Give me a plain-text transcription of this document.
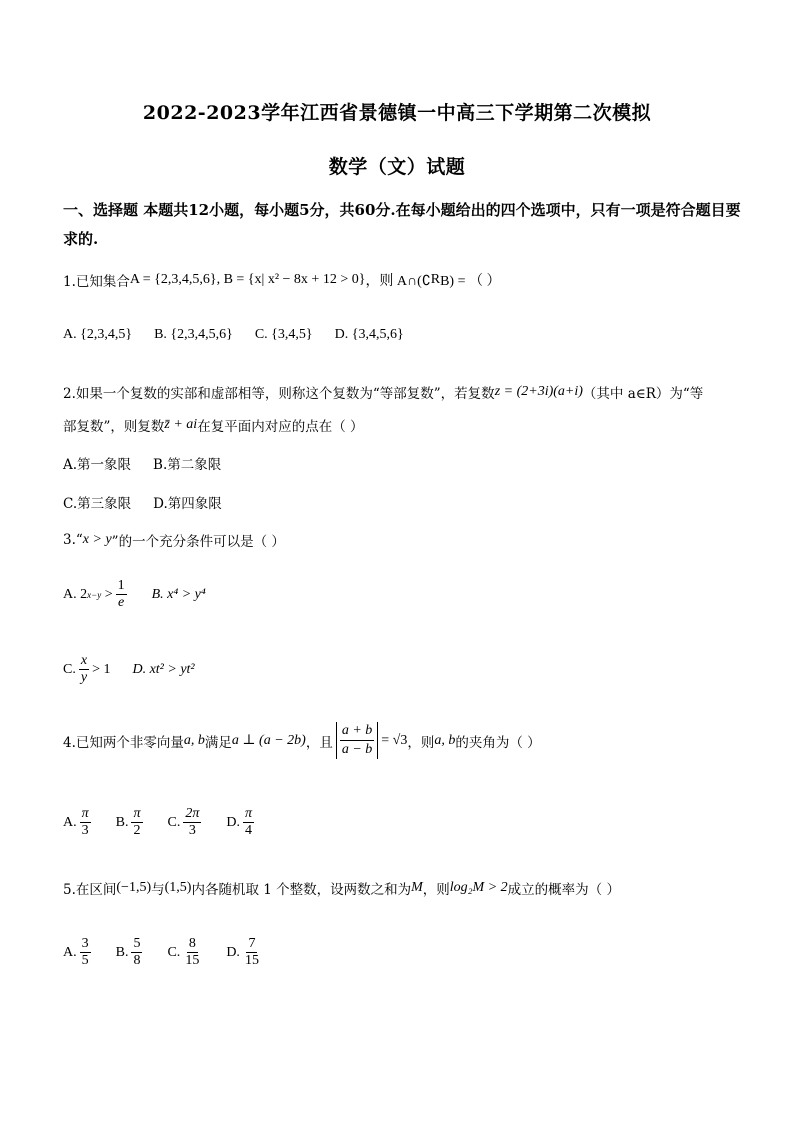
2022-2023学年江西省景德镇一中高三下学期第二次模拟
数学（文）试题
一、选择题 本题共12小题，每小题5分，共60分.在每小题给出的四个选项中，只有一项是符合题目要求的.
1.已知集合 A = {2,3,4,5,6} , B = {x| x² − 8x + 12 > 0} ，则 A∩(∁ R B) = （ ）
A. {2,3,4,5} B. {2,3,4,5,6} C. {3,4,5} D. {3,4,5,6}
2.如果一个复数的实部和虚部相等，则称这个复数为“等部复数”，若复数 z = (2+3i)(a+i) （其中 a∈R）为“等
部复数”，则复数 z̄ + ai 在复平面内对应的点在（ ）
A.第一象限 B.第二象限
C.第三象限 D.第四象限
3.“ x > y ”的一个充分条件可以是（ ）
A.
2 x−y
> $\frac{1}{e} B$. x⁴ > y⁴
C. $\frac{x}{y} > 1$ D. xt² > yt²
4.已知两个非零向量 a, b 满足 a ⊥ (a − 2b) ，且 $\frac{a + b}{a - b} = √3$ ，则 a, b 的夹角为（ ）
A. $\frac{\pi}{3} B$. $\frac{\pi}{2} C$. $\frac{2\pi}{3} D$. $\frac{\pi}{4}$
5.在区间 (−1,5) 与 (1,5) 内各随机取 1 个整数，设两数之和为 M ，则 log₂M > 2 成立的概率为（ ）
A. $\frac{3}{5} B$. $\frac{5}{8} C$. $\frac{8}{15} D$. $\frac{7}{15}$
